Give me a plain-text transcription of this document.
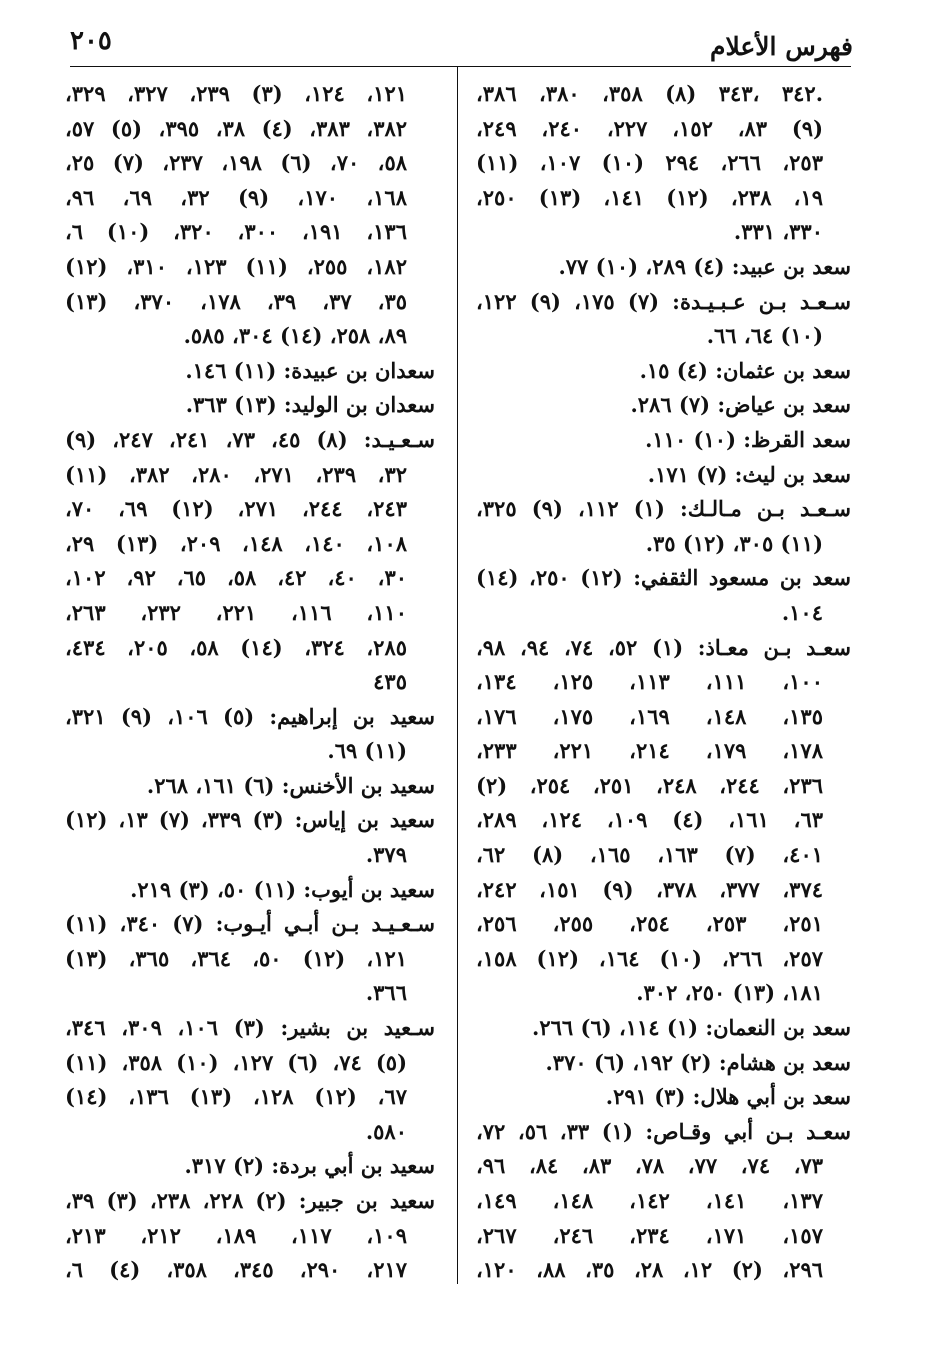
فهرس الأعلام
٢٠٥
.٣٤٢ ،٣٤٣ (٨) ٣٥٨، ٣٨٠، ٣٨٦،
(٩) ٨٣، ١٥٢، ٢٢٧، ٢٤٠، ٢٤٩،
٢٥٣، ٢٦٦، ٢٩٤ (١٠) ١٠٧، (١١)
١٩، ٢٣٨، (١٢) ١٤١، (١٣) ٢٥٠،
٣٣٠، ٣٣١.
سعد بن عبيد: (٤) ٢٨٩، (١٠) ٧٧.
سـعـد بـن عـبـيـدة: (٧) ١٧٥، (٩) ١٢٢،
(١٠) ٦٤، ٦٦.
سعد بن عثمان: (٤) ١٥.
سعد بن عياض: (٧) ٢٨٦.
سعد القرظ: (١٠) ١١٠.
سعد بن ليث: (٧) ١٧١.
سـعـد بـن مـالـك: (١) ١١٢، (٩) ٣٢٥،
(١١) ٣٠٥، (١٢) ٣٥.
سعد بن مسعود الثقفي: (١٢) ٢٥٠، (١٤)
١٠٤.
سعـد بـن معـاذ: (١) ٥٢، ٧٤، ٩٤، ٩٨،
١٠٠، ١١١، ١١٣، ١٢٥، ١٣٤،
١٣٥، ١٤٨، ١٦٩، ١٧٥، ١٧٦،
١٧٨، ١٧٩، ٢١٤، ٢٢١، ٢٣٣،
٢٣٦، ٢٤٤، ٢٤٨، ٢٥١، ٢٥٤، (٢)
٦٣، ١٦١، (٤) ١٠٩، ١٢٤، ٢٨٩،
٤٠١، (٧) ١٦٣، ١٦٥، (٨) ٦٢،
٣٧٤، ٣٧٧، ٣٧٨، (٩) ١٥١، ٢٤٢،
٢٥١، ٢٥٣، ٢٥٤، ٢٥٥، ٢٥٦،
٢٥٧، ٢٦٦، (١٠) ١٦٤، (١٢) ١٥٨،
١٨١، (١٣) ٢٥٠، ٣٠٢.
سعد بن النعمان: (١) ١١٤، (٦) ٢٦٦.
سعد بن هشام: (٢) ١٩٢، (٦) ٣٧٠.
سعد بن أبي هلال: (٣) ٢٩١.
سعـد بـن أبي وقـاص: (١) ٣٣، ٥٦، ٧٢،
٧٣، ٧٤، ٧٧، ٧٨، ٨٣، ٨٤، ٩٦،
١٣٧، ١٤١، ١٤٢، ١٤٨، ١٤٩،
١٥٧، ١٧١، ٢٣٤، ٢٤٦، ٢٦٧،
٢٩٦، (٢) ١٢، ٢٨، ٣٥، ٨٨، ١٢٠،
١٢١، ١٢٤، (٣) ٢٣٩، ٣٢٧، ٣٢٩،
٣٨٢، ٣٨٣، (٤) ٣٨، ٣٩٥، (٥) ٥٧،
٥٨، ٧٠، (٦) ١٩٨، ٢٣٧، (٧) ٢٥،
١٦٨، ١٧٠، (٩) ٣٢، ٦٩، ٩٦،
١٣٦، ١٩١، ٣٠٠، ٣٢٠، (١٠) ٦،
١٨٢، ٢٥٥، (١١) ١٢٣، ٣١٠، (١٢)
٣٥، ٣٧، ٣٩، ١٧٨، ٣٧٠، (١٣)
٨٩، ٢٥٨، (١٤) ٣٠٤، ٥٨٥.
سعدان بن عبيدة: (١١) ١٤٦.
سعدان بن الوليد: (١٣) ٣٦٣.
سـعـيـد: (٨) ٤٥، ٧٣، ٢٤١، ٢٤٧، (٩)
٣٢، ٢٣٩، ٢٧١، ٢٨٠، ٣٨٢، (١١)
٢٤٣، ٢٤٤، ٢٧١، (١٢) ٦٩، ٧٠،
١٠٨، ١٤٠، ١٤٨، ٢٠٩، (١٣) ٢٩،
٣٠، ٤٠، ٤٢، ٥٨، ٦٥، ٩٢، ١٠٢،
١١٠، ١١٦، ٢٢١، ٢٣٢، ٢٦٣،
٢٨٥، ٣٢٤، (١٤) ٥٨، ٢٠٥، ٤٣٤،
٤٣٥
سعيد بن إبراهيم: (٥) ١٠٦، (٩) ٣٢١،
(١١) ٦٩.
سعيد بن الأخنس: (٦) ١٦١، ٢٦٨.
سعيد بن إياس: (٣) ٣٣٩، (٧) ١٣، (١٢)
٣٧٩.
سعيد بن أيوب: (١١) ٥٠، (٣) ٢١٩.
سـعـيـد بـن أبـي أيـوب: (٧) ٣٤٠، (١١)
١٢١، (١٢) ٥٠، ٣٦٤، ٣٦٥، (١٣)
٣٦٦.
سـعيد بن بشير: (٣) ١٠٦، ٣٠٩، ٣٤٦،
(٥) ٧٤، (٦) ١٢٧، (١٠) ٣٥٨، (١١)
٦٧، (١٢) ١٢٨، (١٣) ١٣٦، (١٤)
٥٨٠.
سعيد بن أبي بردة: (٢) ٣١٧.
سعيد بن جبير: (٢) ٢٢٨، ٢٣٨، (٣) ٣٩،
١٠٩، ١١٧، ١٨٩، ٢١٢، ٢١٣،
٢١٧، ٢٩٠، ٣٤٥، ٣٥٨، (٤) ٦،
